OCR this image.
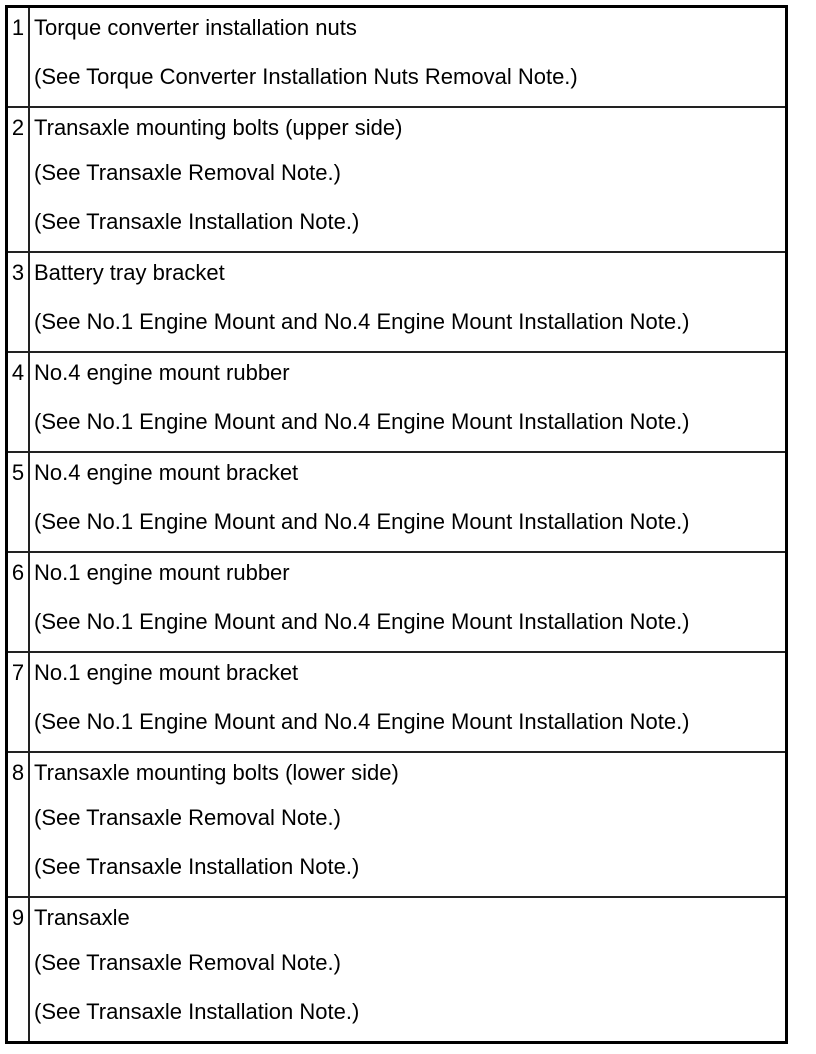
1	Torque converter installation nuts
(See Torque Converter Installation Nuts Removal Note.)

2	Transaxle mounting bolts (upper side)
(See Transaxle Removal Note.)
(See Transaxle Installation Note.)

3	Battery tray bracket
(See No.1 Engine Mount and No.4 Engine Mount Installation Note.)

4	No.4 engine mount rubber
(See No.1 Engine Mount and No.4 Engine Mount Installation Note.)

5	No.4 engine mount bracket
(See No.1 Engine Mount and No.4 Engine Mount Installation Note.)

6	No.1 engine mount rubber
(See No.1 Engine Mount and No.4 Engine Mount Installation Note.)

7	No.1 engine mount bracket
(See No.1 Engine Mount and No.4 Engine Mount Installation Note.)

8	Transaxle mounting bolts (lower side)
(See Transaxle Removal Note.)
(See Transaxle Installation Note.)

9	Transaxle
(See Transaxle Removal Note.)
(See Transaxle Installation Note.)
